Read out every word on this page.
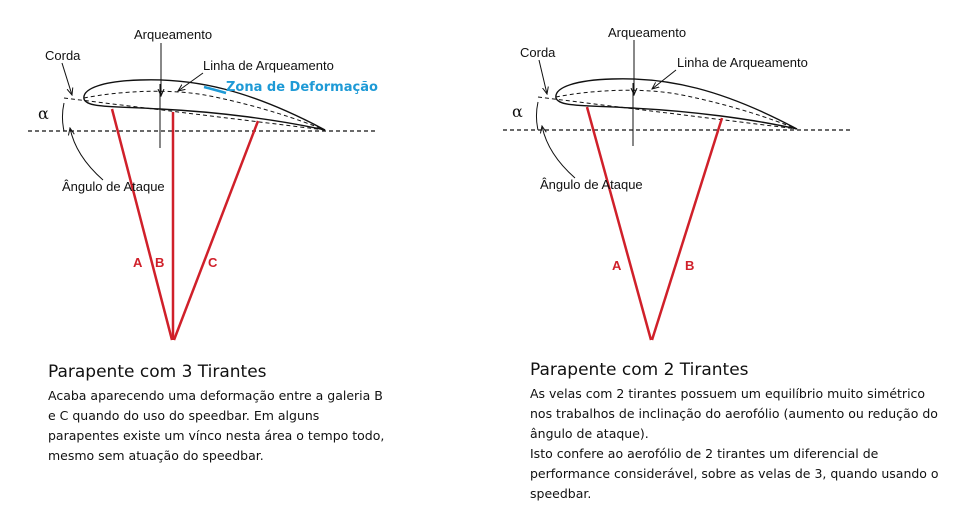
Arqueamento
Corda
Linha de Arqueamento
Zona de Deformação
α
Ângulo de Ataque
A B	C
Arqueamento
Corda
Linha de Arqueamento
α
Ângulo de Ataque
A	B
Parapente com 3 Tirantes

Acaba aparecendo uma deformação entre a galeria B e C quando do uso do speedbar. Em alguns parapentes existe um vínco nesta área o tempo todo, mesmo sem atuação do speedbar.

Parapente com 2 Tirantes

As velas com 2 tirantes possuem um equilíbrio muito simétrico nos trabalhos de inclinação do aerofólio (aumento ou redução do ângulo de ataque).

Isto confere ao aerofólio de 2 tirantes um diferencial de performance considerável, sobre as velas de 3, quando usando o speedbar.
